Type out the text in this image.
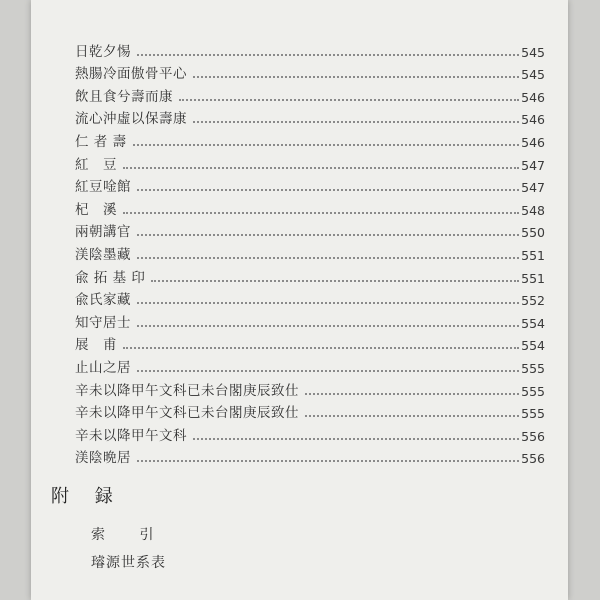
日乾夕惕	545
熱腸冷面傲骨平心	545
飲且食兮壽而康	546
流心沖虛以保壽康	546
仁 者 壽	546
紅　豆	547
紅豆唫館	547
杞　溪	548
兩朝講官	550
渼陰墨藏	551
兪 拓 基 印	551
兪氏家藏	552
知守居士	554
展　甫	554
止山之居	555
辛未以降甲午文科已未台閣庚辰致仕	555
辛未以降甲午文科已未台閣庚辰致仕	555
辛未以降甲午文科	556
渼陰晩居	556
附 録
索 引
璿源世系表
